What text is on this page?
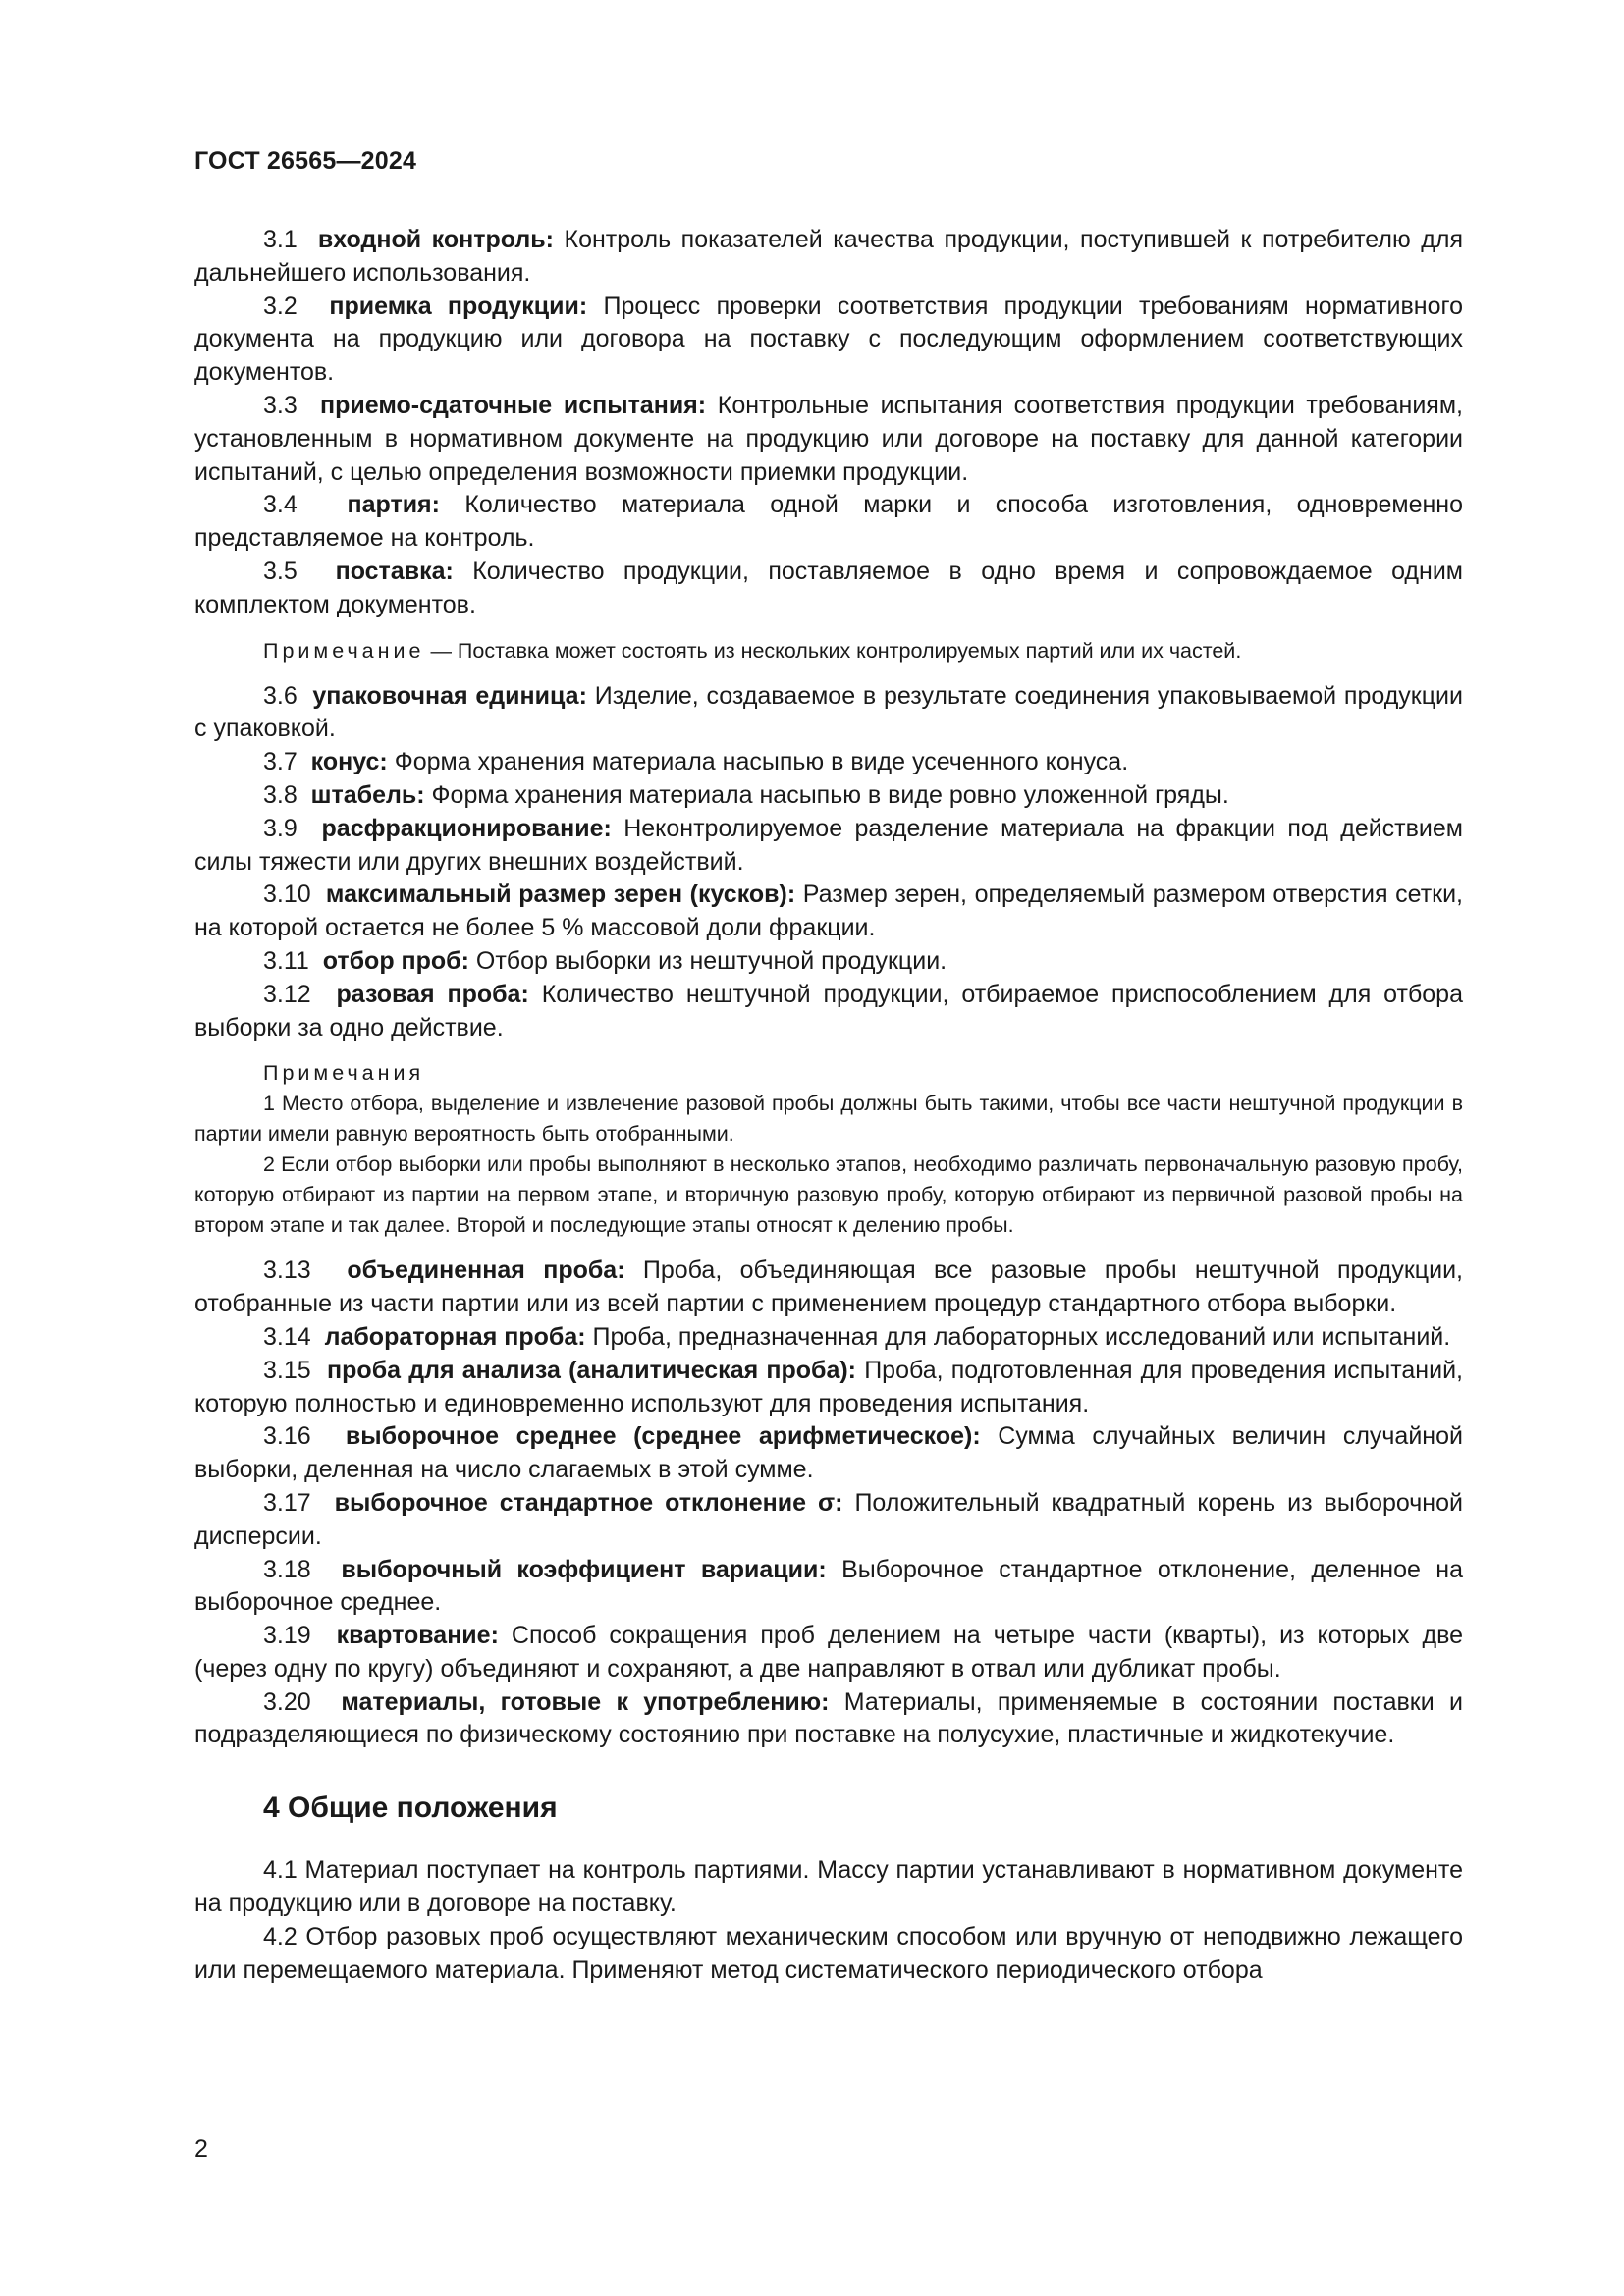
ГОСТ 26565—2024

3.1 входной контроль: Контроль показателей качества продукции, поступившей к потребителю для дальнейшего использования.

3.2 приемка продукции: Процесс проверки соответствия продукции требованиям нормативного документа на продукцию или договора на поставку с последующим оформлением соответствующих документов.

3.3 приемо-сдаточные испытания: Контрольные испытания соответствия продукции требованиям, установленным в нормативном документе на продукцию или договоре на поставку для данной категории испытаний, с целью определения возможности приемки продукции.

3.4 партия: Количество материала одной марки и способа изготовления, одновременно представляемое на контроль.

3.5 поставка: Количество продукции, поставляемое в одно время и сопровождаемое одним комплектом документов.

Примечание — Поставка может состоять из нескольких контролируемых партий или их частей.

3.6 упаковочная единица: Изделие, создаваемое в результате соединения упаковываемой продукции с упаковкой.

3.7 конус: Форма хранения материала насыпью в виде усеченного конуса.

3.8 штабель: Форма хранения материала насыпью в виде ровно уложенной гряды.

3.9 расфракционирование: Неконтролируемое разделение материала на фракции под действием силы тяжести или других внешних воздействий.

3.10 максимальный размер зерен (кусков): Размер зерен, определяемый размером отверстия сетки, на которой остается не более 5 % массовой доли фракции.

3.11 отбор проб: Отбор выборки из нештучной продукции.

3.12 разовая проба: Количество нештучной продукции, отбираемое приспособлением для отбора выборки за одно действие.

Примечания

1 Место отбора, выделение и извлечение разовой пробы должны быть такими, чтобы все части нештучной продукции в партии имели равную вероятность быть отобранными.

2 Если отбор выборки или пробы выполняют в несколько этапов, необходимо различать первоначальную разовую пробу, которую отбирают из партии на первом этапе, и вторичную разовую пробу, которую отбирают из первичной разовой пробы на втором этапе и так далее. Второй и последующие этапы относят к делению пробы.

3.13 объединенная проба: Проба, объединяющая все разовые пробы нештучной продукции, отобранные из части партии или из всей партии с применением процедур стандартного отбора выборки.

3.14 лабораторная проба: Проба, предназначенная для лабораторных исследований или испытаний.

3.15 проба для анализа (аналитическая проба): Проба, подготовленная для проведения испытаний, которую полностью и единовременно используют для проведения испытания.

3.16 выборочное среднее (среднее арифметическое): Сумма случайных величин случайной выборки, деленная на число слагаемых в этой сумме.

3.17 выборочное стандартное отклонение σ: Положительный квадратный корень из выборочной дисперсии.

3.18 выборочный коэффициент вариации: Выборочное стандартное отклонение, деленное на выборочное среднее.

3.19 квартование: Способ сокращения проб делением на четыре части (кварты), из которых две (через одну по кругу) объединяют и сохраняют, а две направляют в отвал или дубликат пробы.

3.20 материалы, готовые к употреблению: Материалы, применяемые в состоянии поставки и подразделяющиеся по физическому состоянию при поставке на полусухие, пластичные и жидкотекучие.

4 Общие положения

4.1 Материал поступает на контроль партиями. Массу партии устанавливают в нормативном документе на продукцию или в договоре на поставку.

4.2 Отбор разовых проб осуществляют механическим способом или вручную от неподвижно лежащего или перемещаемого материала. Применяют метод систематического периодического отбора

2
